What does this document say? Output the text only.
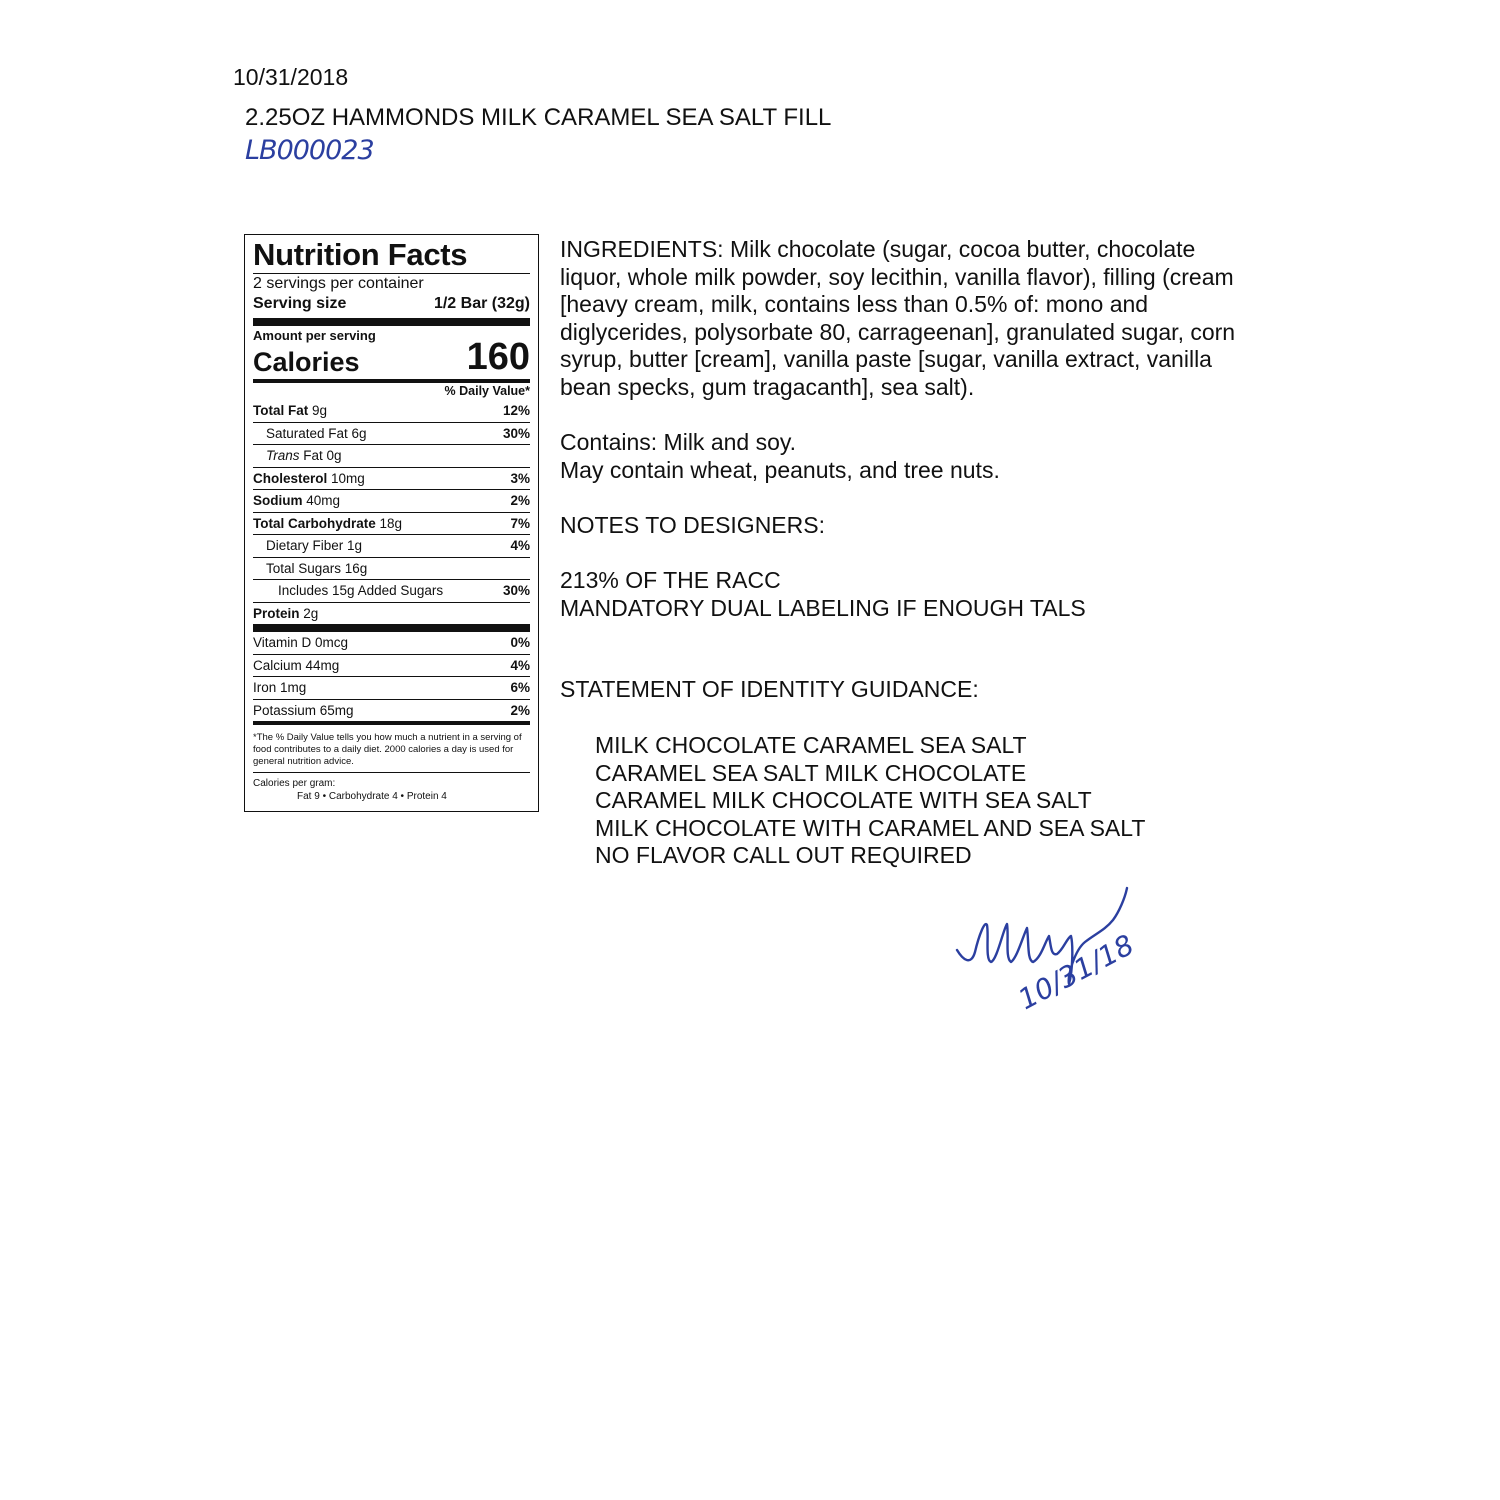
10/31/2018
2.25OZ HAMMONDS MILK CARAMEL SEA SALT FILL
LB000023
Nutrition Facts
2 servings per container
Serving size	1/2 Bar (32g)
Amount per serving
Calories	160
% Daily Value*
Total Fat 9g	12%
Saturated Fat 6g	30%
Trans Fat 0g
Cholesterol 10mg	3%
Sodium 40mg	2%
Total Carbohydrate 18g	7%
Dietary Fiber 1g	4%
Total Sugars 16g
Includes 15g Added Sugars	30%
Protein 2g
Vitamin D 0mcg	0%
Calcium 44mg	4%
Iron 1mg	6%
Potassium 65mg	2%
*The % Daily Value tells you how much a nutrient in a serving of food contributes to a daily diet. 2000 calories a day is used for general nutrition advice.
Calories per gram:
Fat 9 • Carbohydrate 4 • Protein 4
INGREDIENTS: Milk chocolate (sugar, cocoa butter, chocolate liquor, whole milk powder, soy lecithin, vanilla flavor), filling (cream [heavy cream, milk, contains less than 0.5% of: mono and diglycerides, polysorbate 80, carrageenan], granulated sugar, corn syrup, butter [cream], vanilla paste [sugar, vanilla extract, vanilla bean specks, gum tragacanth], sea salt).
Contains: Milk and soy.
May contain wheat, peanuts, and tree nuts.
NOTES TO DESIGNERS:
213% OF THE RACC
MANDATORY DUAL LABELING IF ENOUGH TALS
STATEMENT OF IDENTITY GUIDANCE:
MILK CHOCOLATE CARAMEL SEA SALT
CARAMEL SEA SALT MILK CHOCOLATE
CARAMEL MILK CHOCOLATE WITH SEA SALT
MILK CHOCOLATE WITH CARAMEL AND SEA SALT
NO FLAVOR CALL OUT REQUIRED
10/31/18
